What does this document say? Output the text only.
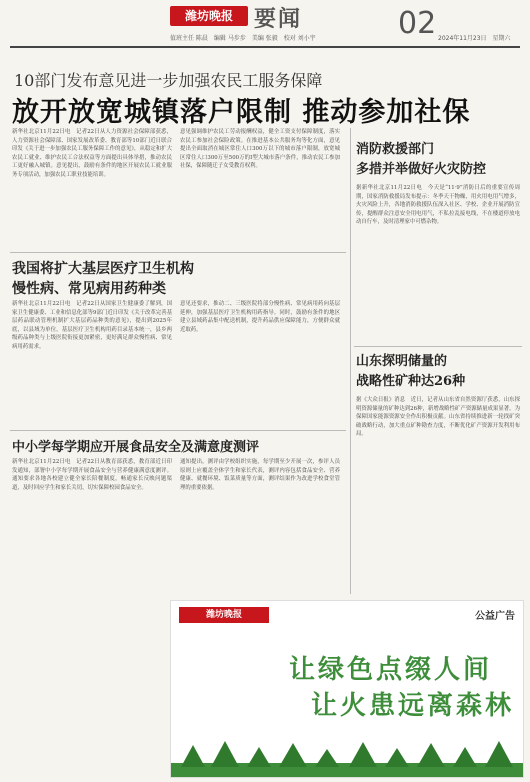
潍坊晚报 要闻	02
值班主任 陈晨　编辑 马步步　美编 张毅　校对 刘小宇	2024年11月23日　星期六
10部门发布意见进一步加强农民工服务保障
放开放宽城镇落户限制 推动参加社保
新华社北京11月22日电　记者22日从人力资源社会保障部获悉，人力资源社会保障部、国家发展改革委、教育部等10部门近日联合印发《关于进一步加强农民工服务保障工作的意见》，从稳定和扩大农民工就业、维护农民工合法权益等方面提出具体举措，推动农民工更好融入城镇。意见提出，鼓励有条件的地区开展农民工就业服务专项活动，加强农民工职业技能培训。
意见强调维护农民工劳动报酬权益，健全工资支付保障制度，落实农民工参加社会保险政策。在推进基本公共服务均等化方面，意见提出全面取消在城区常住人口300万以下的城市落户限制，放宽城区常住人口300万至500万的Ⅰ型大城市落户条件，推动农民工参加社保，保障随迁子女受教育权利。
我国将扩大基层医疗卫生机构
慢性病、常见病用药种类
新华社北京11月22日电　记者22日从国家卫生健康委了解到，国家卫生健康委、工业和信息化部等9部门近日印发《关于改革完善基层药品联动管理机制扩大基层药品种类的意见》，提出到2025年底，以县域为单位，基层医疗卫生机构用药目录基本统一，县乡两级药品种类与上级医院衔接更加紧密，更好满足群众慢性病、常见病用药需求。
意见还要求，推动二、三级医院将部分慢性病、常见病用药向基层延伸，加强基层医疗卫生机构用药指导。同时，鼓励有条件的地区建立县域药品集中配送机制，提升药品供应保障能力，方便群众就近取药。
中小学每学期应开展食品安全及满意度测评
新华社北京11月22日电　记者22日从教育部获悉，教育部近日印发通知，部署中小学每学期开展食品安全与营养健康满意度测评。通知要求各地各校建立健全家长陪餐制度，畅通家长反映问题渠道，及时回应学生和家长关切，切实保障校园食品安全。
通知提出，测评由学校组织实施，每学期至少开展一次，参评人员原则上应覆盖全体学生和家长代表，测评内容包括食品安全、营养健康、就餐环境、饭菜质量等方面，测评结果作为改进学校食堂管理的重要依据。
消防救援部门
多措并举做好火灾防控
据新华社北京11月22日电　今天是“11·9”消防日后的重要宣传周期，国家消防救援局发布提示：冬季天干物燥，用火用电用气增多，火灾风险上升，各地消防救援队伍深入社区、学校、企业开展消防宣传，提醒群众注意安全用电用气，不私拉乱接电线，不在楼道停放电动自行车，及时清理家中可燃杂物。
山东探明储量的
战略性矿种达26种
据《大众日报》消息　近日，记者从山东省自然资源厅获悉，山东探明资源储量的矿种达到26种，新增战略性矿产资源储量成果显著，为保障国家能源资源安全作出积极贡献。山东省持续推进新一轮找矿突破战略行动，加大重点矿种勘查力度，不断优化矿产资源开发利用布局。
潍坊晚报	公益广告
让绿色点缀人间
让火患远离森林
